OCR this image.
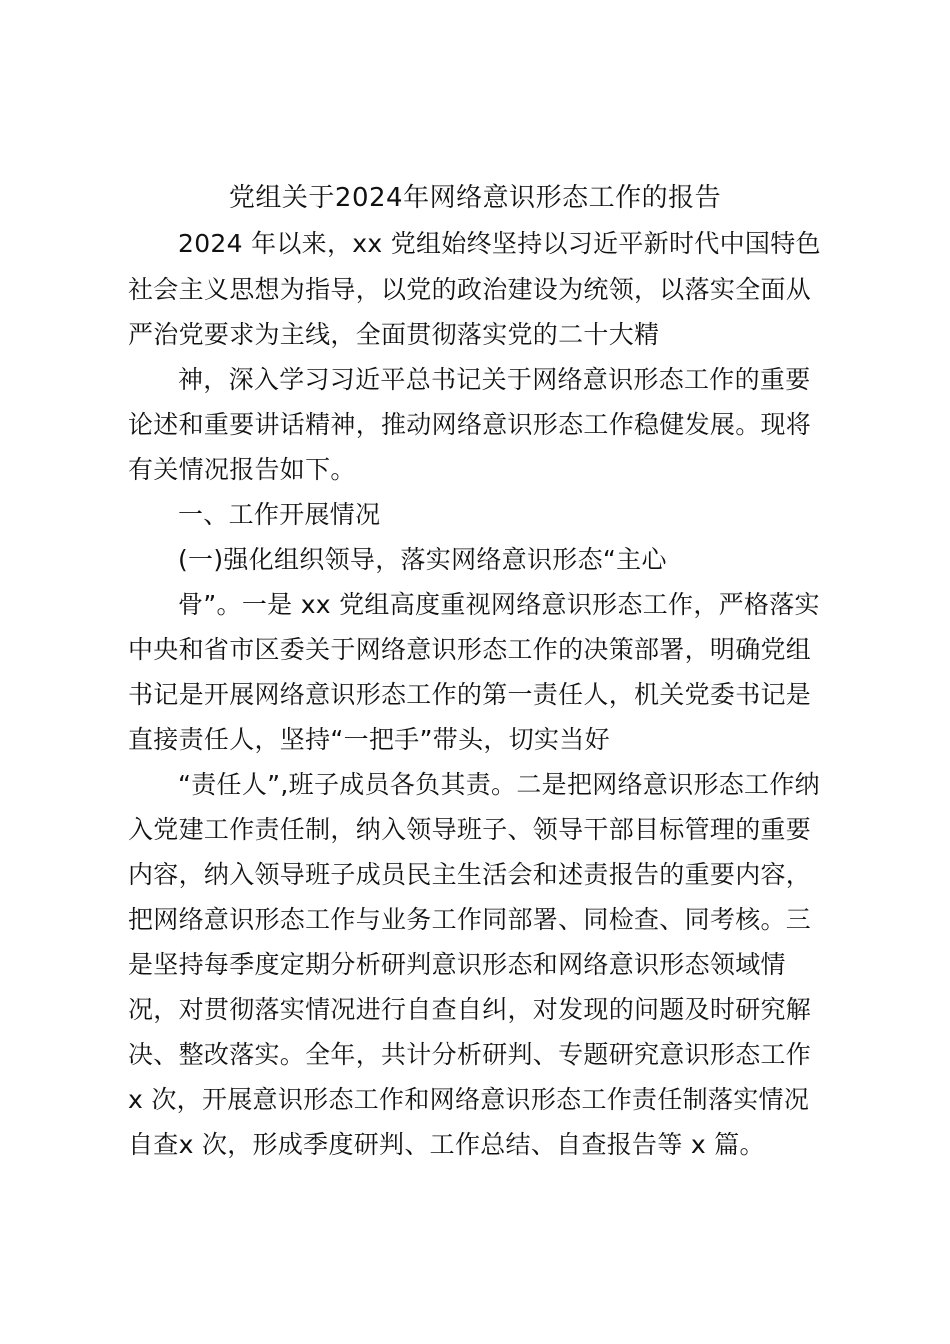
党组关于2024年网络意识形态工作的报告
2024 年以来，xx 党组始终坚持以习近平新时代中国特色
社会主义思想为指导，以党的政治建设为统领，以落实全面从
严治党要求为主线，全面贯彻落实党的二十大精
神，深入学习习近平总书记关于网络意识形态工作的重要
论述和重要讲话精神，推动网络意识形态工作稳健发展。现将
有关情况报告如下。
一、工作开展情况
(一)强化组织领导，落实网络意识形态“主心
骨”。一是 xx 党组高度重视网络意识形态工作，严格落实
中央和省市区委关于网络意识形态工作的决策部署，明确党组
书记是开展网络意识形态工作的第一责任人，机关党委书记是
直接责任人，坚持“一把手”带头，切实当好
“责任人”,班子成员各负其责。二是把网络意识形态工作纳
入党建工作责任制，纳入领导班子、领导干部目标管理的重要
内容，纳入领导班子成员民主生活会和述责报告的重要内容，
把网络意识形态工作与业务工作同部署、同检查、同考核。三
是坚持每季度定期分析研判意识形态和网络意识形态领域情
况，对贯彻落实情况进行自查自纠，对发现的问题及时研究解
决、整改落实。全年，共计分析研判、专题研究意识形态工作
x 次，开展意识形态工作和网络意识形态工作责任制落实情况
自查x 次，形成季度研判、工作总结、自查报告等 x 篇。
